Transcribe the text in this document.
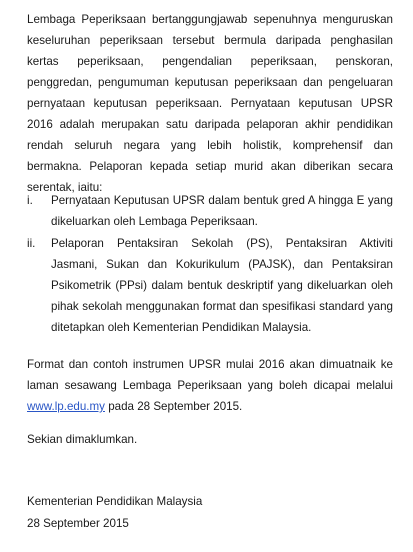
Lembaga Peperiksaan bertanggungjawab sepenuhnya menguruskan keseluruhan peperiksaan tersebut bermula daripada penghasilan kertas peperiksaan, pengendalian peperiksaan, penskoran, penggredan, pengumuman keputusan peperiksaan dan pengeluaran pernyataan keputusan peperiksaan. Pernyataan keputusan UPSR 2016 adalah merupakan satu daripada pelaporan akhir pendidikan rendah seluruh negara yang lebih holistik, komprehensif dan bermakna. Pelaporan kepada setiap murid akan diberikan secara serentak, iaitu:

i.	Pernyataan Keputusan UPSR dalam bentuk gred A hingga E yang dikeluarkan oleh Lembaga Peperiksaan.

ii.	Pelaporan Pentaksiran Sekolah (PS), Pentaksiran Aktiviti Jasmani, Sukan dan Kokurikulum (PAJSK), dan Pentaksiran Psikometrik (PPsi) dalam bentuk deskriptif yang dikeluarkan oleh pihak sekolah menggunakan format dan spesifikasi standard yang ditetapkan oleh Kementerian Pendidikan Malaysia.

Format dan contoh instrumen UPSR mulai 2016 akan dimuatnaik ke laman sesawang Lembaga Peperiksaan yang boleh dicapai melalui www.lp.edu.my pada 28 September 2015.

Sekian dimaklumkan.

Kementerian Pendidikan Malaysia

28 September 2015
